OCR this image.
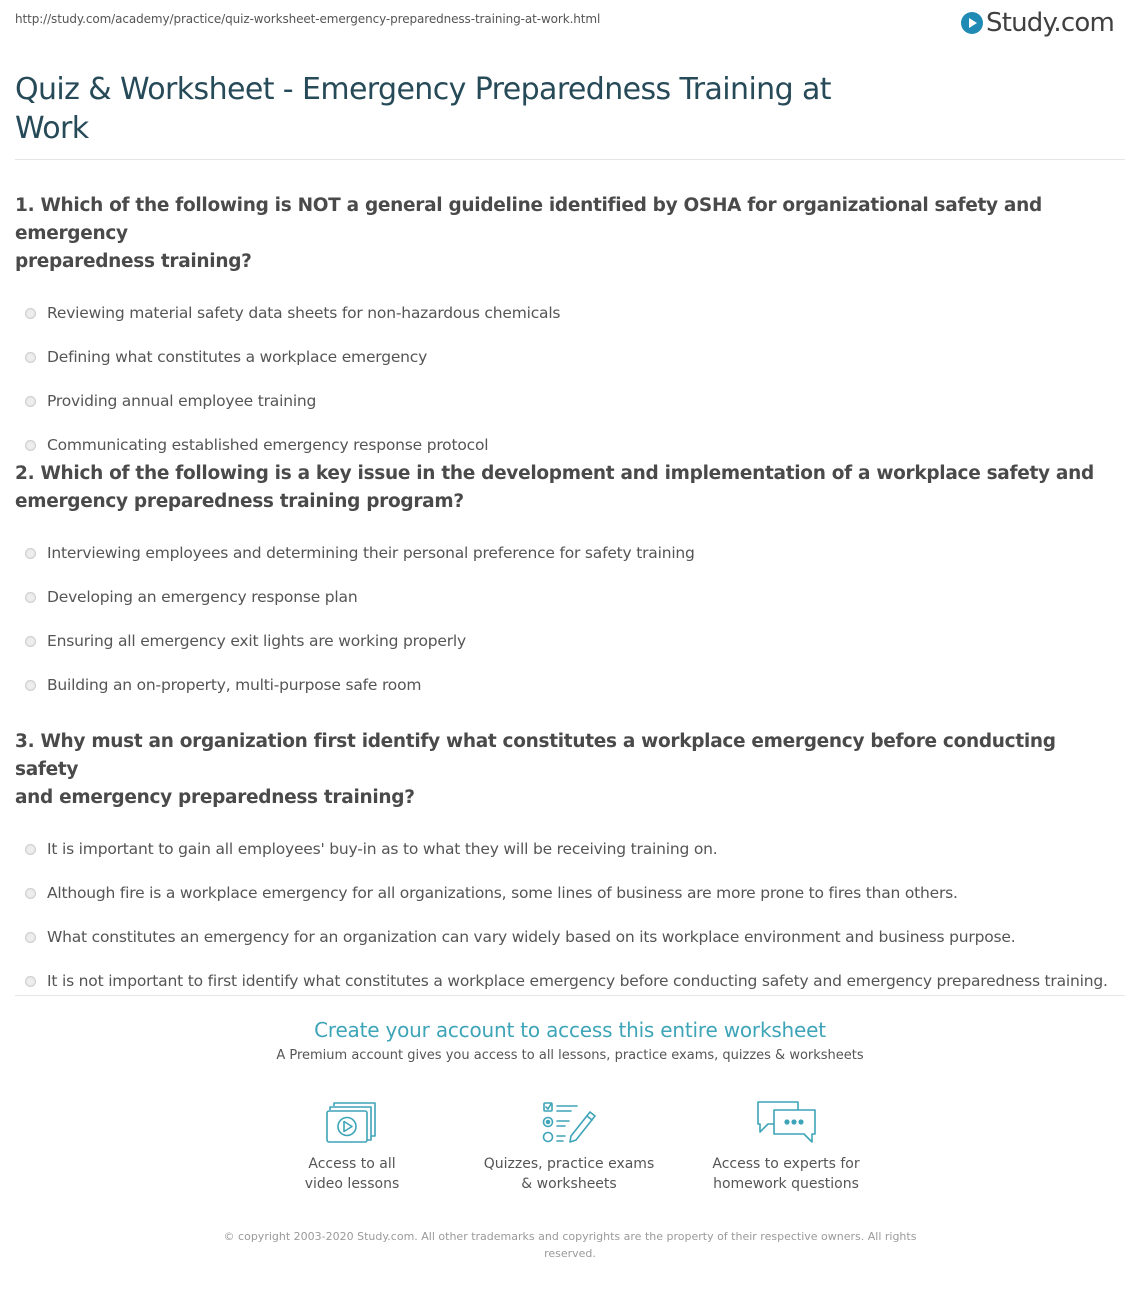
http://study.com/academy/practice/quiz-worksheet-emergency-preparedness-training-at-work.html	Study.com
Quiz & Worksheet - Emergency Preparedness Training at
Work
1. Which of the following is NOT a general guideline identified by OSHA for organizational safety and emergency
preparedness training?
Reviewing material safety data sheets for non-hazardous chemicals
Defining what constitutes a workplace emergency
Providing annual employee training
Communicating established emergency response protocol
2. Which of the following is a key issue in the development and implementation of a workplace safety and
emergency preparedness training program?
Interviewing employees and determining their personal preference for safety training
Developing an emergency response plan
Ensuring all emergency exit lights are working properly
Building an on-property, multi-purpose safe room
3. Why must an organization first identify what constitutes a workplace emergency before conducting safety
and emergency preparedness training?
It is important to gain all employees' buy-in as to what they will be receiving training on.
Although fire is a workplace emergency for all organizations, some lines of business are more prone to fires than others.
What constitutes an emergency for an organization can vary widely based on its workplace environment and business purpose.
It is not important to first identify what constitutes a workplace emergency before conducting safety and emergency preparedness training.
Create your account to access this entire worksheet
A Premium account gives you access to all lessons, practice exams, quizzes & worksheets
Access to all
video lessons
Quizzes, practice exams
& worksheets
Access to experts for
homework questions
© copyright 2003-2020 Study.com. All other trademarks and copyrights are the property of their respective owners. All rights
reserved.
